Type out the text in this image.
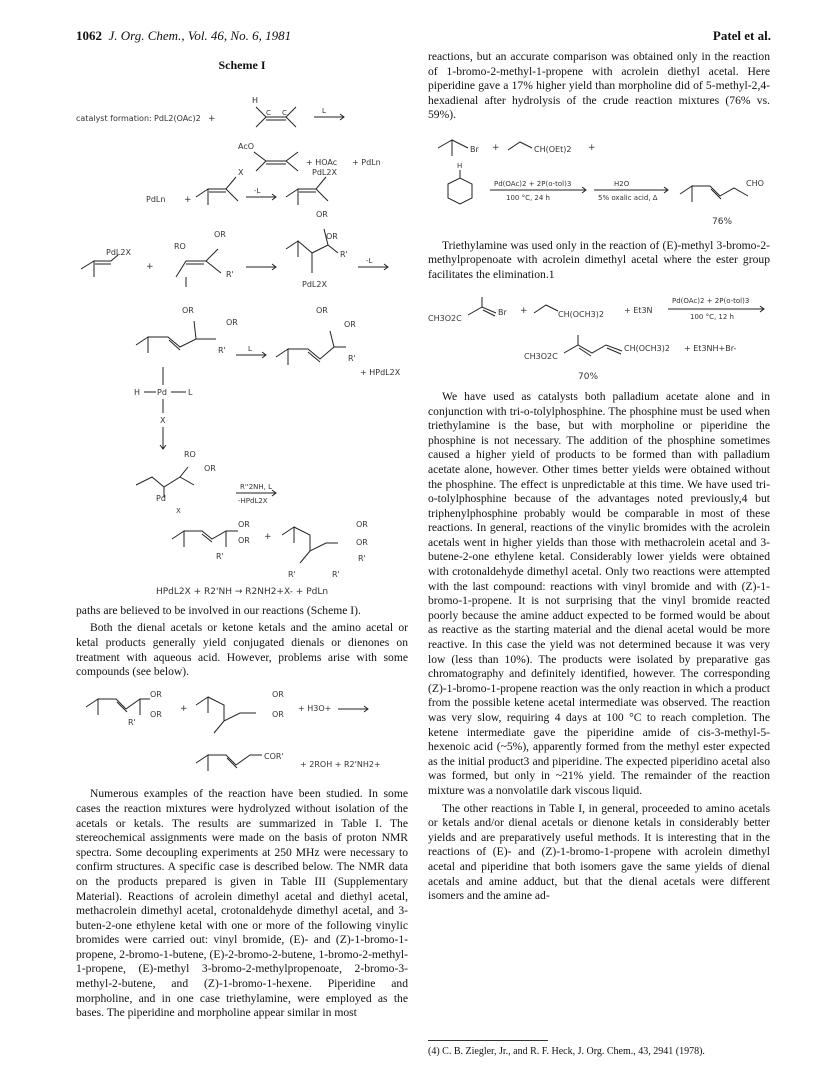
1062 J. Org. Chem., Vol. 46, No. 6, 1981	Patel et al.
Scheme I
catalyst formation: PdL2(OAc)2 +
H
C C	L
AcO
+ HOAc + PdLn
PdLn +
X
-L
PdL2X
PdL2X
+
RO
OR
R'
OR
OR
PdL2X
R'
-L
OR
OR
R'
H Pd	L
X
L
OR
OR
R'
+ HPdL2X
RO
OR
Pd
X
R''2NH, L
-HPdL2X
OR
OR
R'
+
OR
OR
R'	R'
R'
HPdL2X + R2'NH → R2NH2+X- + PdLn

paths are believed to be involved in our reactions (Scheme I).

Both the dienal acetals or ketone ketals and the amino acetal or ketal products generally yield conjugated dienals or dienones on treatment with aqueous acid. However, problems arise with some compounds (see below).

OR
OR
R'
+
OR
OR
+ H3O+
COR'
+ 2ROH + R2'NH2+

Numerous examples of the reaction have been studied. In some cases the reaction mixtures were hydrolyzed without isolation of the acetals or ketals. The results are summarized in Table I. The stereochemical assignments were made on the basis of proton NMR spectra. Some decoupling experiments at 250 MHz were necessary to confirm structures. A specific case is described below. The NMR data on the products prepared is given in Table III (Supplementary Material). Reactions of acrolein dimethyl acetal and diethyl acetal, methacrolein dimethyl acetal, crotonaldehyde dimethyl acetal, and 3-buten-2-one ethylene ketal with one or more of the following vinylic bromides were carried out: vinyl bromide, (E)- and (Z)-1-bromo-1-propene, 2-bromo-1-butene, (E)-2-bromo-2-butene, 1-bromo-2-methyl-1-propene, (E)-methyl 3-bromo-2-methylpropenoate, 2-bromo-3-methyl-2-butene, and (Z)-1-bromo-1-hexene. Piperidine and morpholine, and in one case triethylamine, were employed as the bases. The piperidine and morpholine appear similar in most

reactions, but an accurate comparison was obtained only in the reaction of 1-bromo-2-methyl-1-propene with acrolein diethyl acetal. Here piperidine gave a 17% higher yield than morpholine did of 5-methyl-2,4-hexadienal after hydrolysis of the crude reaction mixtures (76% vs. 59%).

Br +	CH(OEt)2 +
H
Pd(OAc)2 + 2P(o-tol)3
100 °C, 24 h
H2O
5% oxalic acid, Δ
CHO
76%

Triethylamine was used only in the reaction of (E)-methyl 3-bromo-2-methylpropenoate with acrolein dimethyl acetal where the ester group facilitates the elimination.1

CH3O2C
Br +	CH(OCH3)2	+ Et3N
Pd(OAc)2 + 2P(o-tol)3
100 °C, 12 h
CH3O2C
CH(OCH3)2 + Et3NH+Br-
70%

We have used as catalysts both palladium acetate alone and in conjunction with tri-o-tolylphosphine. The phosphine must be used when triethylamine is the base, but with morpholine or piperidine the phosphine is not necessary. The addition of the phosphine sometimes caused a higher yield of products to be formed than with palladium acetate alone, however. Other times better yields were obtained without the phosphine. The effect is unpredictable at this time. We have used tri-o-tolylphosphine because of the advantages noted previously,4 but triphenylphosphine probably would be comparable in most of these reactions. In general, reactions of the vinylic bromides with the acrolein acetals went in higher yields than those with methacrolein acetal and 3-butene-2-one ethylene ketal. Considerably lower yields were obtained with crotonaldehyde dimethyl acetal. Only two reactions were attempted with the last compound: reactions with vinyl bromide and with (Z)-1-bromo-1-propene. It is not surprising that the vinyl bromide reacted poorly because the amine adduct expected to be formed would be about as reactive as the starting material and the dienal acetal would be more reactive. In this case the yield was not determined because it was very low (less than 10%). The products were isolated by preparative gas chromatography and definitely identified, however. The corresponding (Z)-1-bromo-1-propene reaction was the only reaction in which a product from the possible ketene acetal intermediate was observed. The reaction was very slow, requiring 4 days at 100 °C to reach completion. The ketene intermediate gave the piperidine amide of cis-3-methyl-5-hexenoic acid (~5%), apparently formed from the methyl ester expected as the initial product3 and piperidine. The expected piperidino acetal also was formed, but only in ~21% yield. The remainder of the reaction mixture was a nonvolatile dark viscous liquid.

The other reactions in Table I, in general, proceeded to amino acetals or ketals and/or dienal acetals or dienone ketals in considerably better yields and are preparatively useful methods. It is interesting that in the reactions of (E)- and (Z)-1-bromo-1-propene with acrolein dimethyl acetal and piperidine that both isomers gave the same yields of dienal acetals and amine adduct, but that the dienal acetals were different isomers and the amine ad-

(4) C. B. Ziegler, Jr., and R. F. Heck, J. Org. Chem., 43, 2941 (1978).
